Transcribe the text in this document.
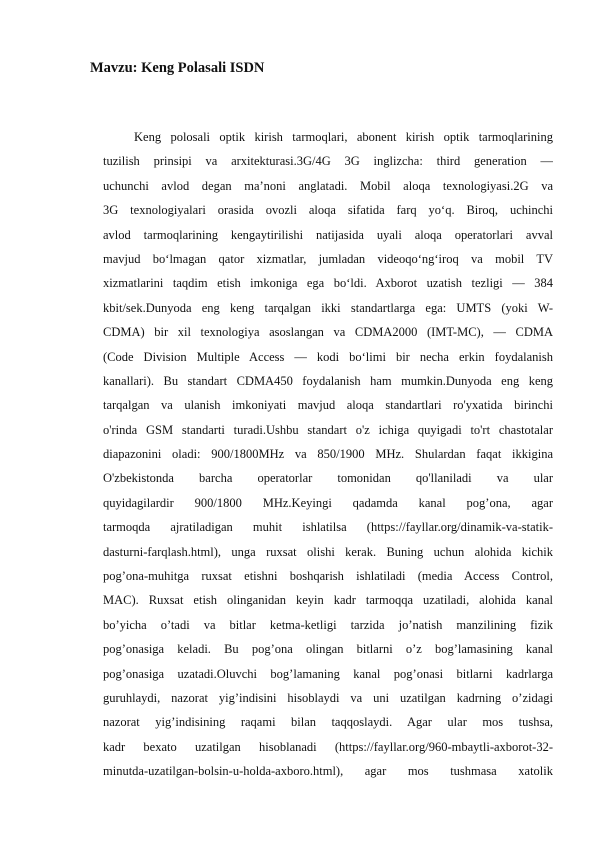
Mavzu: Keng Polasali ISDN
Keng polosali optik kirish tarmoqlari, abonent kirish optik tarmoqlarining
tuzilish prinsipi va arxitekturasi.3G/4G 3G inglizcha: third generation —
uchunchi avlod degan ma’noni anglatadi. Mobil aloqa texnologiyasi.2G va
3G texnologiyalari orasida ovozli aloqa sifatida farq yo‘q. Biroq, uchinchi
avlod tarmoqlarining kengaytirilishi natijasida uyali aloqa operatorlari avval
mavjud bo‘lmagan qator xizmatlar, jumladan videoqo‘ng‘iroq va mobil TV
xizmatlarini taqdim etish imkoniga ega bo‘ldi. Axborot uzatish tezligi — 384
kbit/sek.Dunyoda eng keng tarqalgan ikki standartlarga ega: UMTS (yoki W-
CDMA) bir xil texnologiya asoslangan va CDMA2000 (IMT-MC), — CDMA
(Code Division Multiple Access — kodi bo‘limi bir necha erkin foydalanish
kanallari). Bu standart CDMA450 foydalanish ham mumkin.Dunyoda eng keng
tarqalgan va ulanish imkoniyati mavjud aloqa standartlari ro'yxatida birinchi
o'rinda GSM standarti turadi.Ushbu standart o'z ichiga quyigadi to'rt chastotalar
diapazonini oladi: 900/1800MHz va 850/1900 MHz. Shulardan faqat ikkigina
O'zbekistonda barcha operatorlar tomonidan qo'llaniladi va ular
quyidagilardir 900/1800 MHz.Keyingi qadamda kanal pog’ona, agar
tarmoqda ajratiladigan muhit ishlatilsa (https://fayllar.org/dinamik-va-statik-
dasturni-farqlash.html), unga ruxsat olishi kerak. Buning uchun alohida kichik
pog’ona-muhitga ruxsat etishni boshqarish ishlatiladi (media Access Control,
MAC). Ruxsat etish olinganidan keyin kadr tarmoqqa uzatiladi, alohida kanal
bo’yicha o’tadi va bitlar ketma-ketligi tarzida jo’natish manzilining fizik
pog’onasiga keladi. Bu pog’ona olingan bitlarni o’z bog’lamasining kanal
pog’onasiga uzatadi.Oluvchi bog’lamaning kanal pog’onasi bitlarni kadrlarga
guruhlaydi, nazorat yig’indisini hisoblaydi va uni uzatilgan kadrning o’zidagi
nazorat yig’indisining raqami bilan taqqoslaydi. Agar ular mos tushsa,
kadr bexato uzatilgan hisoblanadi (https://fayllar.org/960-mbaytli-axborot-32-
minutda-uzatilgan-bolsin-u-holda-axboro.html), agar mos tushmasa xatolik
